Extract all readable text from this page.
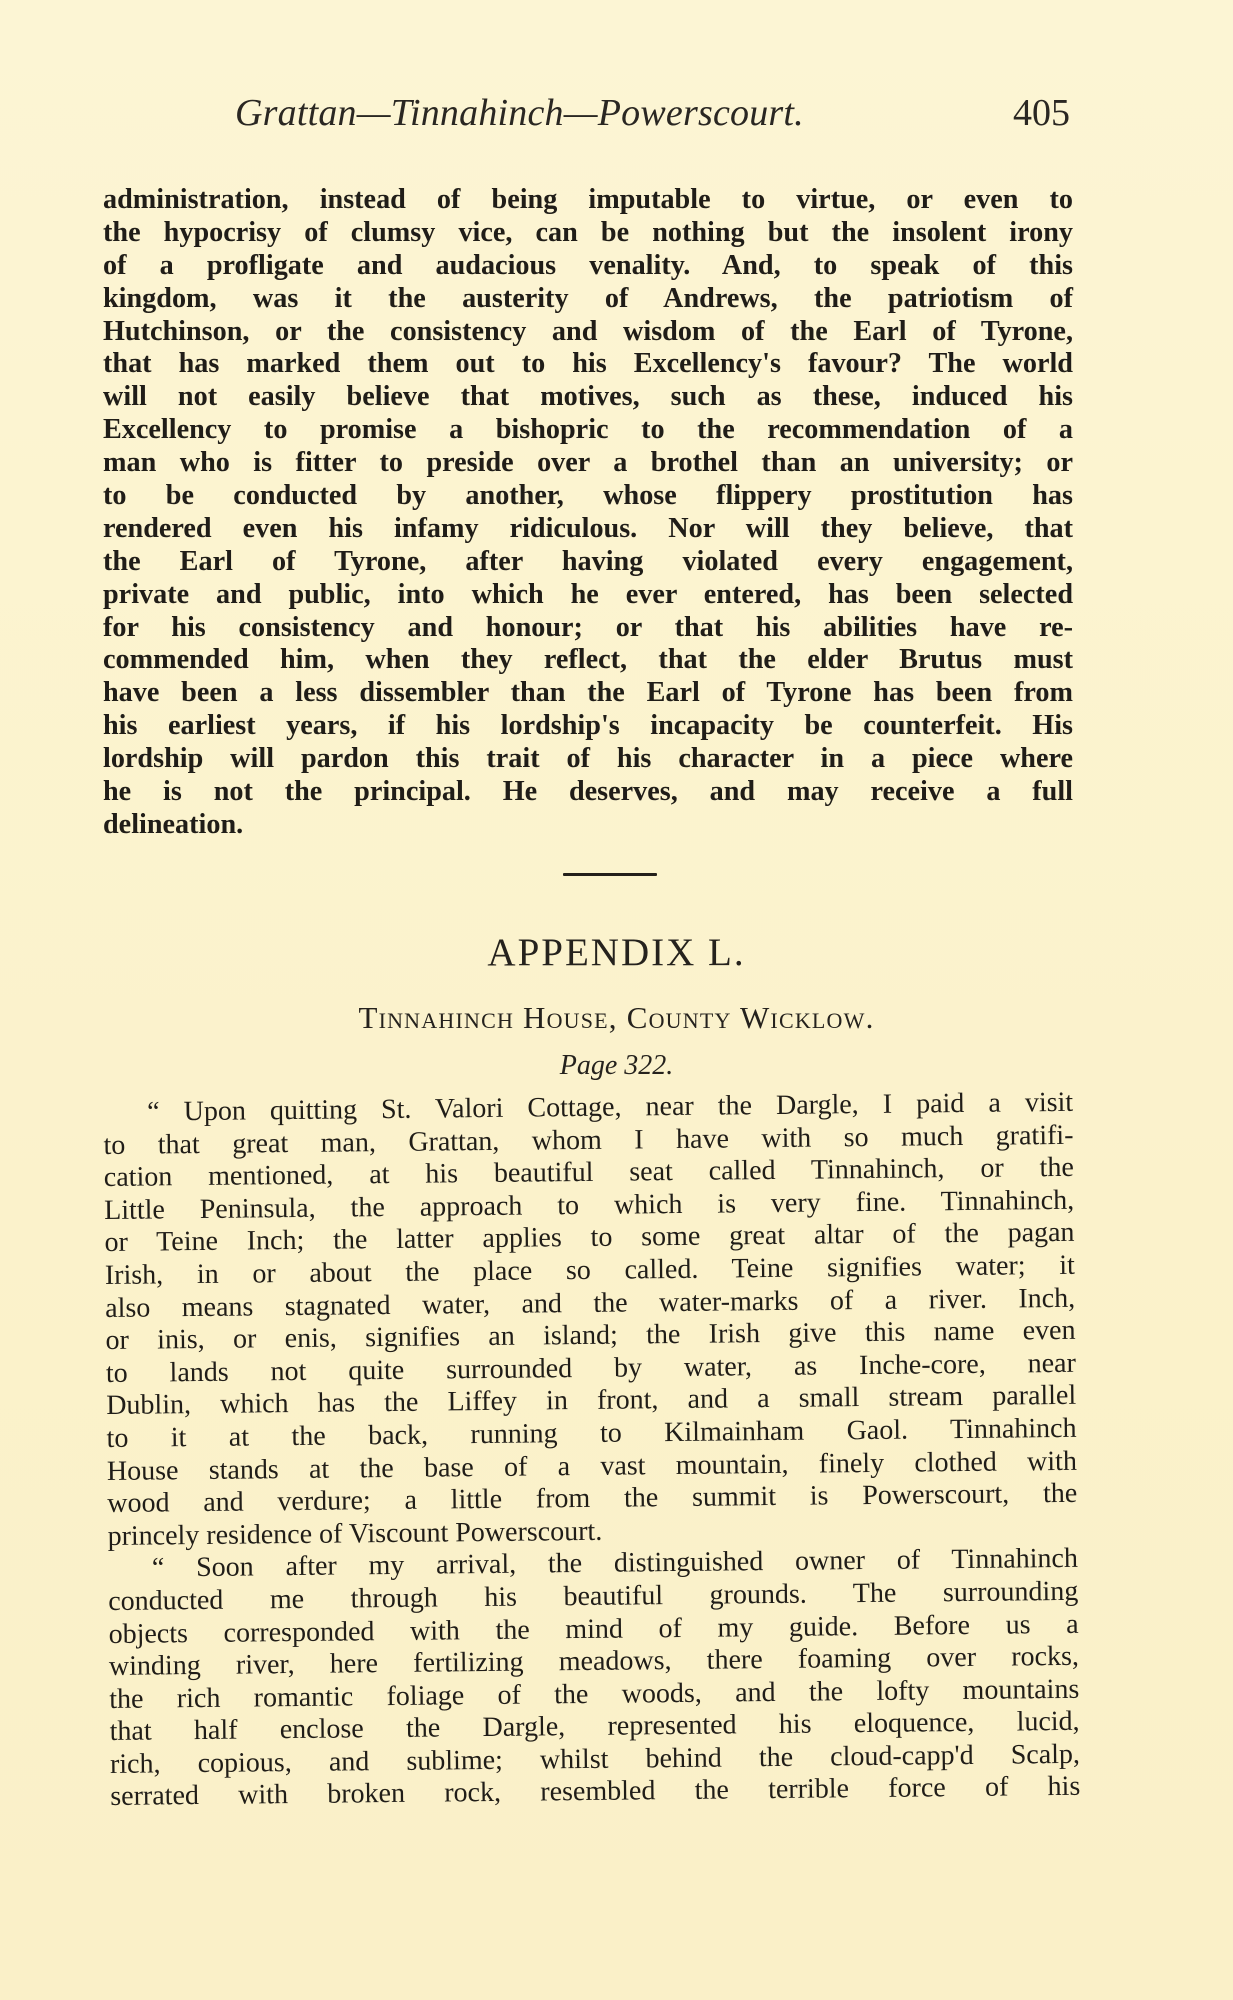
Grattan—Tinnahinch—Powerscourt.	405
administration, instead of being imputable to virtue, or even to
the hypocrisy of clumsy vice, can be nothing but the insolent irony
of a profligate and audacious venality. And, to speak of this
kingdom, was it the austerity of Andrews, the patriotism of
Hutchinson, or the consistency and wisdom of the Earl of Tyrone,
that has marked them out to his Excellency's favour? The world
will not easily believe that motives, such as these, induced his
Excellency to promise a bishopric to the recommendation of a
man who is fitter to preside over a brothel than an university; or
to be conducted by another, whose flippery prostitution has
rendered even his infamy ridiculous. Nor will they believe, that
the Earl of Tyrone, after having violated every engagement,
private and public, into which he ever entered, has been selected
for his consistency and honour; or that his abilities have re-
commended him, when they reflect, that the elder Brutus must
have been a less dissembler than the Earl of Tyrone has been from
his earliest years, if his lordship's incapacity be counterfeit. His
lordship will pardon this trait of his character in a piece where
he is not the principal. He deserves, and may receive a full
delineation.
APPENDIX L.
Tinnahinch House, County Wicklow.
Page 322.
“ Upon quitting St. Valori Cottage, near the Dargle, I paid a visit
to that great man, Grattan, whom I have with so much gratifi-
cation mentioned, at his beautiful seat called Tinnahinch, or the
Little Peninsula, the approach to which is very fine. Tinnahinch,
or Teine Inch; the latter applies to some great altar of the pagan
Irish, in or about the place so called. Teine signifies water; it
also means stagnated water, and the water-marks of a river. Inch,
or inis, or enis, signifies an island; the Irish give this name even
to lands not quite surrounded by water, as Inche-core, near
Dublin, which has the Liffey in front, and a small stream parallel
to it at the back, running to Kilmainham Gaol. Tinnahinch
House stands at the base of a vast mountain, finely clothed with
wood and verdure; a little from the summit is Powerscourt, the
princely residence of Viscount Powerscourt.
“ Soon after my arrival, the distinguished owner of Tinnahinch
conducted me through his beautiful grounds. The surrounding
objects corresponded with the mind of my guide. Before us a
winding river, here fertilizing meadows, there foaming over rocks,
the rich romantic foliage of the woods, and the lofty mountains
that half enclose the Dargle, represented his eloquence, lucid,
rich, copious, and sublime; whilst behind the cloud-capp'd Scalp,
serrated with broken rock, resembled the terrible force of his
